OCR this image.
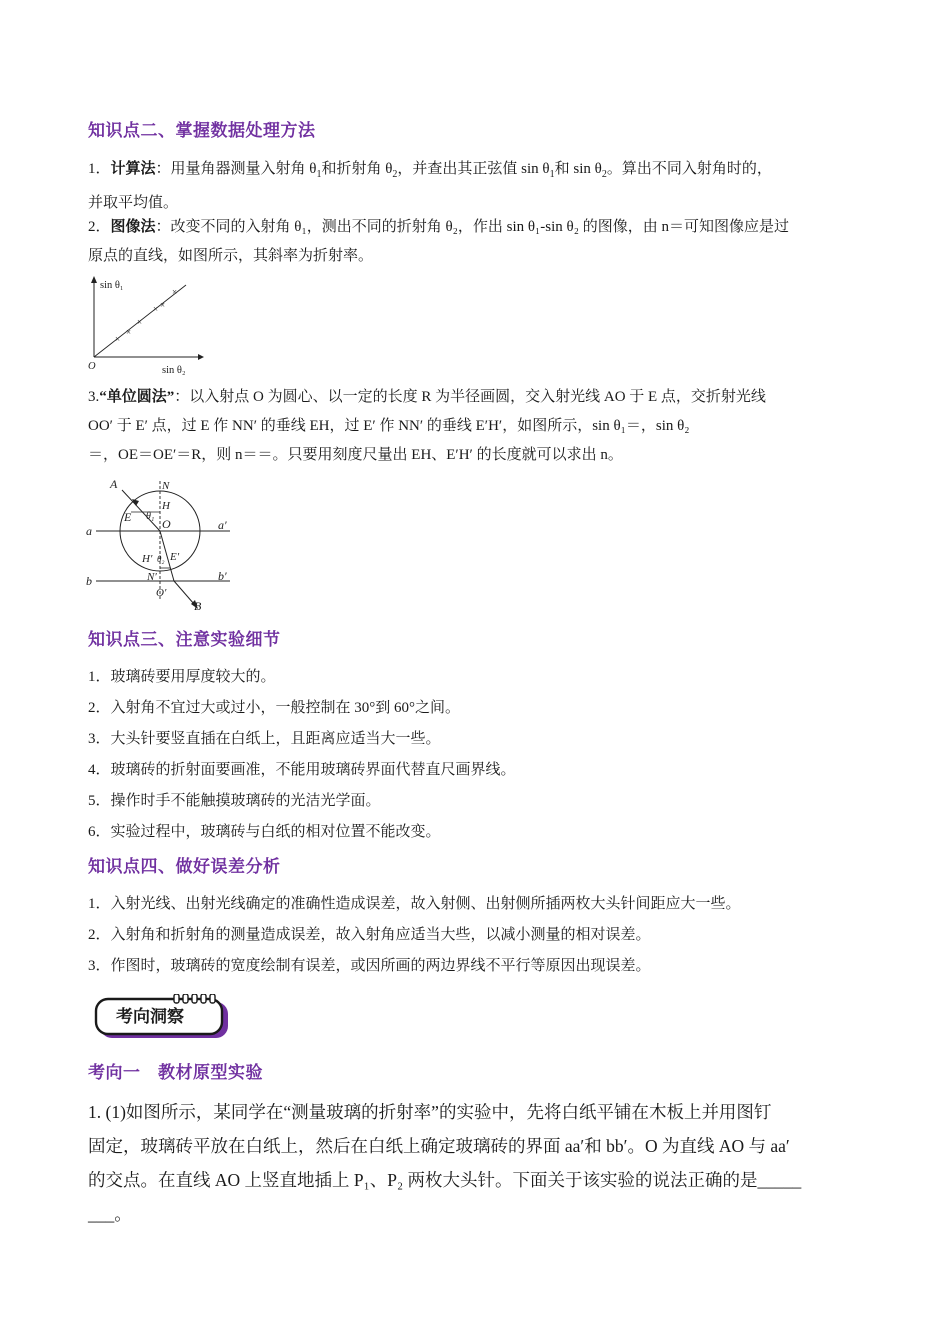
知识点二、掌握数据处理方法
1．计算法：用量角器测量入射角 $\theta_1$和折射角 $\theta_2$，并查出其正弦值 $\sin \theta_1$和 $\sin \theta_2$。算出不同入射角时的，
并取平均值。
2．图像法：改变不同的入射角 θ₁，测出不同的折射角 θ₂，作出 sin θ₁-sin θ₂ 的图像，由 n＝可知图像应是过
原点的直线，如图所示，其斜率为折射率。
sin θ₁
sin θ₂
O
×
×
×
× ×
×
3.“单位圆法”：以入射点 O 为圆心、以一定的长度 R 为半径画圆，交入射光线 AO 于 E 点，交折射光线
OO′ 于 E′ 点，过 E 作 NN′ 的垂线 EH，过 E′ 作 NN′ 的垂线 E′H′，如图所示，sin θ₁＝，sin θ₂
＝，OE＝OE′＝R，则 n＝＝。只要用刻度尺量出 EH、E′H′ 的长度就可以求出 n。
A	N
H
E θ₁
O
a	a′
H′ θ₂ E′
N′
b	b′
O′
B
知识点三、注意实验细节
1．玻璃砖要用厚度较大的。
2．入射角不宜过大或过小，一般控制在 30°到 60°之间。
3．大头针要竖直插在白纸上，且距离应适当大一些。
4．玻璃砖的折射面要画准，不能用玻璃砖界面代替直尺画界线。
5．操作时手不能触摸玻璃砖的光洁光学面。
6．实验过程中，玻璃砖与白纸的相对位置不能改变。
知识点四、做好误差分析
1．入射光线、出射光线确定的准确性造成误差，故入射侧、出射侧所插两枚大头针间距应大一些。
2．入射角和折射角的测量造成误差，故入射角应适当大些，以减小测量的相对误差。
3．作图时，玻璃砖的宽度绘制有误差，或因所画的两边界线不平行等原因出现误差。
考向洞察
考向一　教材原型实验
1. (1)如图所示，某同学在“测量玻璃的折射率”的实验中，先将白纸平铺在木板上并用图钉
固定，玻璃砖平放在白纸上，然后在白纸上确定玻璃砖的界面 aa′和 bb′。O 为直线 AO 与 aa′
的交点。在直线 AO 上竖直地插上 P₁、P₂ 两枚大头针。下面关于该实验的说法正确的是_____
___。
